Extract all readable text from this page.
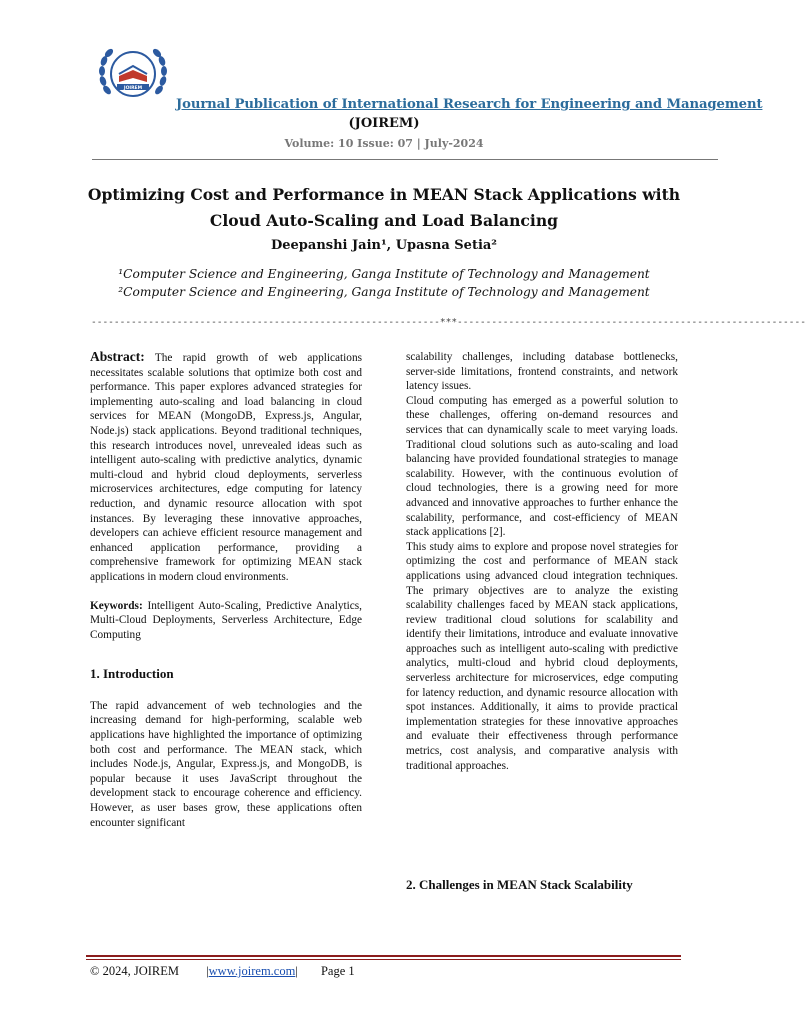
JOIREM
Journal Publication of International Research for Engineering and Management
(JOIREM)
Volume: 10 Issue: 07 | July-2024
Optimizing Cost and Performance in MEAN Stack Applications with
Cloud Auto-Scaling and Load Balancing
Deepanshi Jain¹, Upasna Setia²
¹Computer Science and Engineering, Ganga Institute of Technology and Management
²Computer Science and Engineering, Ganga Institute of Technology and Management
-------------------------------------------------------------***-------------------------------------------------------------

Abstract: The rapid growth of web applications necessitates scalable solutions that optimize both cost and performance. This paper explores advanced strategies for implementing auto-scaling and load balancing in cloud services for MEAN (MongoDB, Express.js, Angular, Node.js) stack applications. Beyond traditional techniques, this research introduces novel, unrevealed ideas such as intelligent auto-scaling with predictive analytics, dynamic multi-cloud and hybrid cloud deployments, serverless microservices architectures, edge computing for latency reduction, and dynamic resource allocation with spot instances. By leveraging these innovative approaches, developers can achieve efficient resource management and enhanced application performance, providing a comprehensive framework for optimizing MEAN stack applications in modern cloud environments.

Keywords: Intelligent Auto-Scaling, Predictive Analytics, Multi-Cloud Deployments, Serverless Architecture, Edge Computing

1. Introduction

The rapid advancement of web technologies and the increasing demand for high-performing, scalable web applications have highlighted the importance of optimizing both cost and performance. The MEAN stack, which includes Node.js, Angular, Express.js, and MongoDB, is popular because it uses JavaScript throughout the development stack to encourage coherence and efficiency. However, as user bases grow, these applications often encounter significant

scalability challenges, including database bottlenecks, server-side limitations, frontend constraints, and network latency issues.

Cloud computing has emerged as a powerful solution to these challenges, offering on-demand resources and services that can dynamically scale to meet varying loads. Traditional cloud solutions such as auto-scaling and load balancing have provided foundational strategies to manage scalability. However, with the continuous evolution of cloud technologies, there is a growing need for more advanced and innovative approaches to further enhance the scalability, performance, and cost-efficiency of MEAN stack applications [2].

This study aims to explore and propose novel strategies for optimizing the cost and performance of MEAN stack applications using advanced cloud integration techniques. The primary objectives are to analyze the existing scalability challenges faced by MEAN stack applications, review traditional cloud solutions for scalability and identify their limitations, introduce and evaluate innovative approaches such as intelligent auto-scaling with predictive analytics, multi-cloud and hybrid cloud deployments, serverless architecture for microservices, edge computing for latency reduction, and dynamic resource allocation with spot instances. Additionally, it aims to provide practical implementation strategies for these innovative approaches and evaluate their effectiveness through performance metrics, cost analysis, and comparative analysis with traditional approaches.

2. Challenges in MEAN Stack Scalability
© 2024, JOIREM |www.joirem.com| Page 1
